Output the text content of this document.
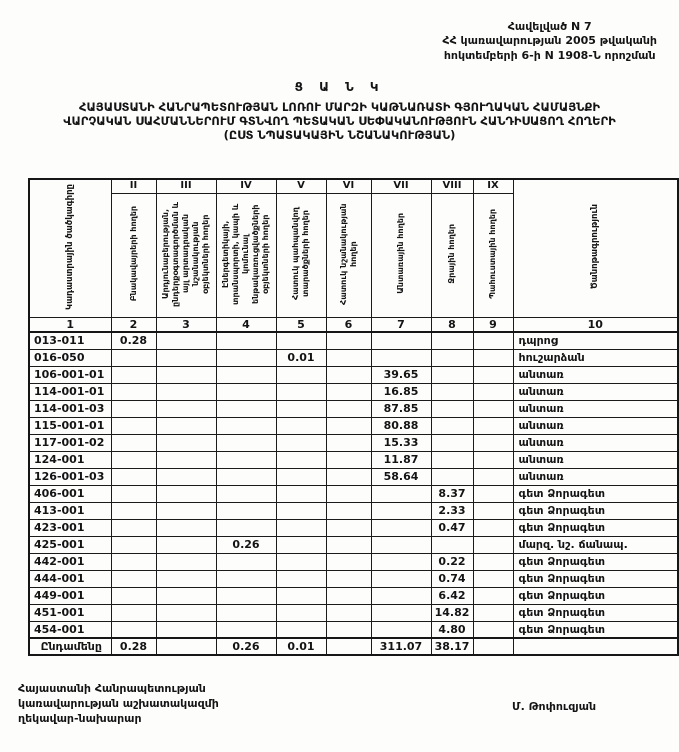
Հավելված N 7
ՀՀ կառավարության 2005 թվականի
հոկտեմբերի 6-ի N 1908-Ն որոշման
Ց Ա Ն Կ
ՀԱՅԱՍՏԱՆԻ ՀԱՆՐԱՊԵՏՈՒԹՅԱՆ ԼՈՌՈՒ ՄԱՐԶԻ ԿԱԹՆԱՌԱՏԻ ԳՅՈՒՂԱԿԱՆ ՀԱՄԱՅՆՔԻ
ՎԱՐՉԱԿԱՆ ՍԱՀՄԱՆՆԵՐՈՒՄ ԳՏՆՎՈՂ ՊԵՏԱԿԱՆ ՍԵՓԱԿԱՆՈՒԹՅՈՒՆ ՀԱՆԴԻՍԱՑՈՂ ՀՈՂԵՐԻ
(ԸՍՏ ՆՊԱՏԱԿԱՅԻՆ ՆՇԱՆԱԿՈՒԹՅԱՆ)
Կադաստրային ծածկագիրը	II	III	IV	V	VI	VII	VIII	IX	Ծանոթագրություն
	Բնակավայրերի հողեր	Արդյունաբերության, ընդերքօգտագործման և այլ արտադրական նշանակության օբյեկտների հողեր	Էներգետիկայի, տրանսպորտի, կապի և կոմունալ ենթակառուցվածքների օբյեկտների հողեր	Հատուկ պահպանվող տարածքների հողեր	Հատուկ նշանակության հողեր	Անտառային հողեր	Ջրային հողեր	Պահուստային հողեր	
1	2	3	4	5	6	7	8	9	10
013-011	0.28								դպրոց
016-050				0.01					հուշարձան
106-001-01						39.65			անտառ
114-001-01						16.85			անտառ
114-001-03						87.85			անտառ
115-001-01						80.88			անտառ
117-001-02						15.33			անտառ
124-001						11.87			անտառ
126-001-03						58.64			անտառ
406-001							8.37		գետ Ձորագետ
413-001							2.33		գետ Ձորագետ
423-001							0.47		գետ Ձորագետ
425-001			0.26						մարզ. նշ. ճանապ.
442-001							0.22		գետ Ձորագետ
444-001							0.74		գետ Ձորագետ
449-001							6.42		գետ Ձորագետ
451-001							14.82		գետ Ձորագետ
454-001							4.80		գետ Ձորագետ
Ընդամենը	0.28		0.26	0.01		311.07	38.17		
Հայաստանի Հանրապետության
կառավարության աշխատակազմի
ղեկավար-նախարար
Մ. Թոփուզյան
